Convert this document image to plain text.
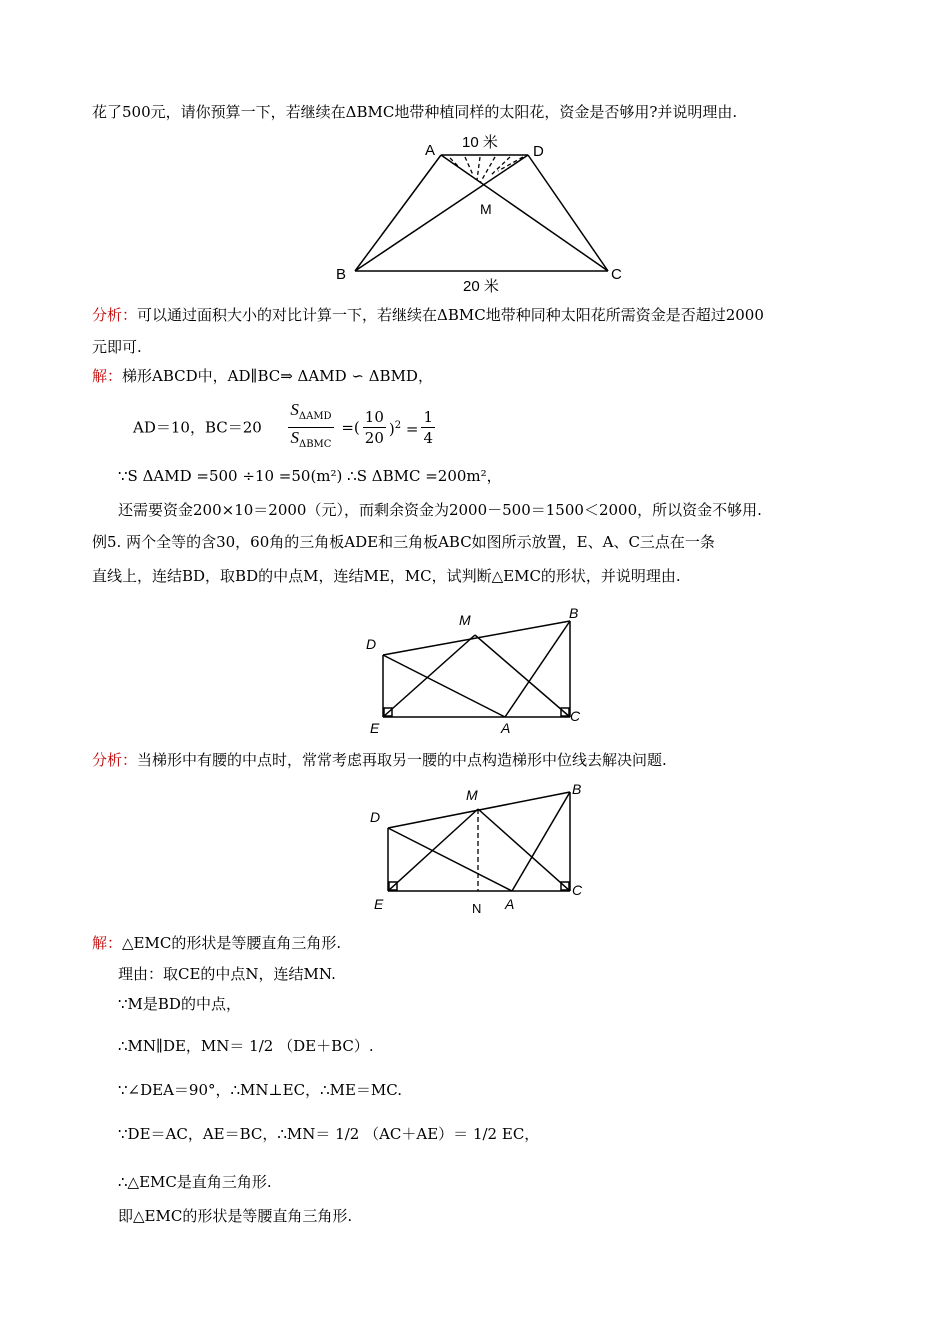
花了500元，请你预算一下，若继续在ΔBMC地带种植同样的太阳花，资金是否够用?并说明理由.
A	D
M
B	C
10 米
20 米
分析：可以通过面积大小的对比计算一下，若继续在ΔBMC地带种同种太阳花所需资金是否超过2000
元即可.
解：梯形ABCD中，AD∥BC⇒ ΔAMD ∽ ΔBMD，
AD＝10，$BC=20 \frac{S_{\Delta AMD}}{S_{\Delta BMC}}$ =( $\frac{10}{20} )^2 = \frac{1}{4}$
∵S ΔAMD =500 ÷10 =50(m²) ∴S ΔBMC =200m²，
还需要资金200×10＝2000（元），而剩余资金为2000－500＝1500＜2000，所以资金不够用.
例5. 两个全等的含30，60角的三角板ADE和三角板ABC如图所示放置，E、A、C三点在一条
直线上，连结BD，取BD的中点M，连结ME，MC，试判断△EMC的形状，并说明理由.
D
M	B
E	A
C
分析：当梯形中有腰的中点时，常常考虑再取另一腰的中点构造梯形中位线去解决问题.
D
M	B
E	A
C
N
解：△EMC的形状是等腰直角三角形.
理由：取CE的中点N，连结MN.
∵M是BD的中点，
∴MN∥DE，MN＝ 1/2 （DE＋BC）.
∵∠DEA＝90°，∴MN⊥EC，∴ME＝MC.
∵DE＝AC，AE＝BC，∴MN＝ 1/2 （AC＋AE）＝ 1/2 EC，
∴△EMC是直角三角形.
即△EMC的形状是等腰直角三角形.
